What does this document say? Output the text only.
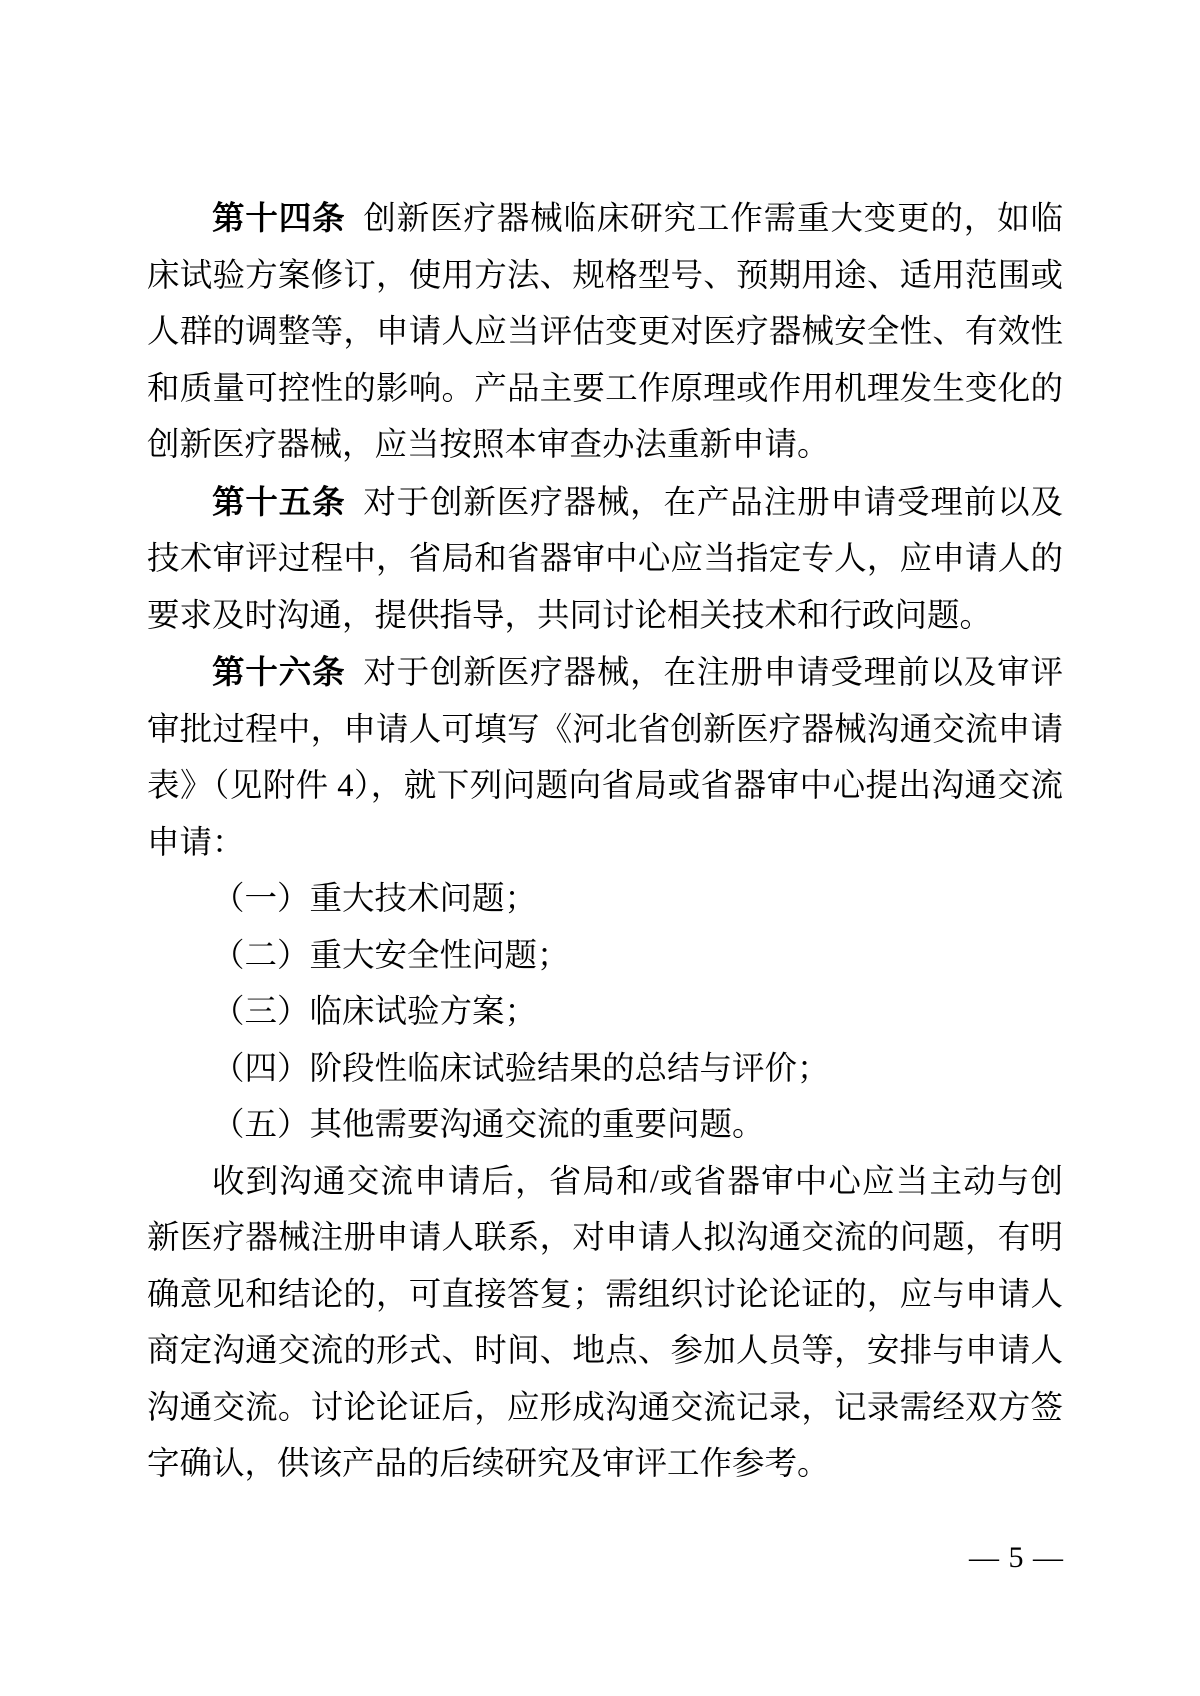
第十四条 创新医疗器械临床研究工作需重大变更的，如临床试验方案修订，使用方法、规格型号、预期用途、适用范围或人群的调整等，申请人应当评估变更对医疗器械安全性、有效性和质量可控性的影响。产品主要工作原理或作用机理发生变化的创新医疗器械，应当按照本审查办法重新申请。

第十五条 对于创新医疗器械，在产品注册申请受理前以及技术审评过程中，省局和省器审中心应当指定专人，应申请人的要求及时沟通，提供指导，共同讨论相关技术和行政问题。

第十六条 对于创新医疗器械，在注册申请受理前以及审评审批过程中，申请人可填写《河北省创新医疗器械沟通交流申请表》（见附件 4），就下列问题向省局或省器审中心提出沟通交流申请：

（一）重大技术问题；

（二）重大安全性问题；

（三）临床试验方案；

（四）阶段性临床试验结果的总结与评价；

（五）其他需要沟通交流的重要问题。

收到沟通交流申请后，省局和/或省器审中心应当主动与创新医疗器械注册申请人联系，对申请人拟沟通交流的问题，有明确意见和结论的，可直接答复；需组织讨论论证的，应与申请人商定沟通交流的形式、时间、地点、参加人员等，安排与申请人沟通交流。讨论论证后，应形成沟通交流记录，记录需经双方签字确认，供该产品的后续研究及审评工作参考。

— 5 —
